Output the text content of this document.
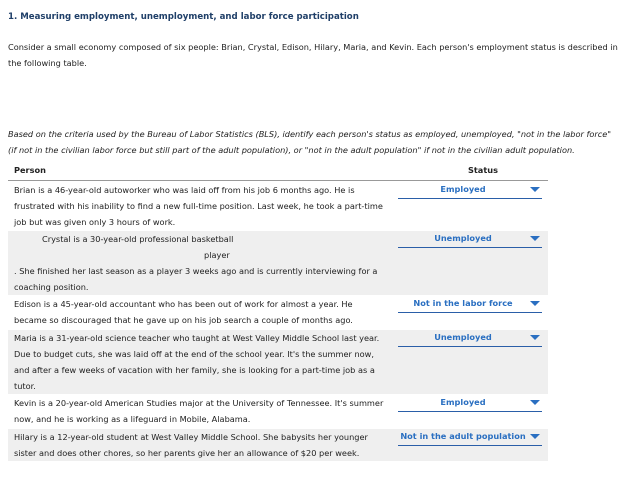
1. Measuring employment, unemployment, and labor force participation
Consider a small economy composed of six people: Brian, Crystal, Edison, Hilary, Maria, and Kevin. Each person's employment status is described in the following table.
Based on the criteria used by the Bureau of Labor Statistics (BLS), identify each person's status as employed, unemployed, "not in the labor force" (if not in the civilian labor force but still part of the adult population), or "not in the adult population" if not in the civilian adult population.
Person	Status
Brian is a 46-year-old autoworker who was laid off from his job 6 months ago. He is frustrated with his inability to find a new full-time position. Last week, he took a part-time job but was given only 3 hours of work.
Employed
Crystal is a 30-year-old professional basketball
player
. She finished her last season as a player 3 weeks ago and is currently interviewing for a coaching position.
Unemployed
Edison is a 45-year-old accountant who has been out of work for almost a year. He became so discouraged that he gave up on his job search a couple of months ago.
Not in the labor force
Maria is a 31-year-old science teacher who taught at West Valley Middle School last year. Due to budget cuts, she was laid off at the end of the school year. It's the summer now, and after a few weeks of vacation with her family, she is looking for a part-time job as a tutor.
Unemployed
Kevin is a 20-year-old American Studies major at the University of Tennessee. It's summer now, and he is working as a lifeguard in Mobile, Alabama.
Employed
Hilary is a 12-year-old student at West Valley Middle School. She babysits her younger sister and does other chores, so her parents give her an allowance of $20 per week.
Not in the adult population
